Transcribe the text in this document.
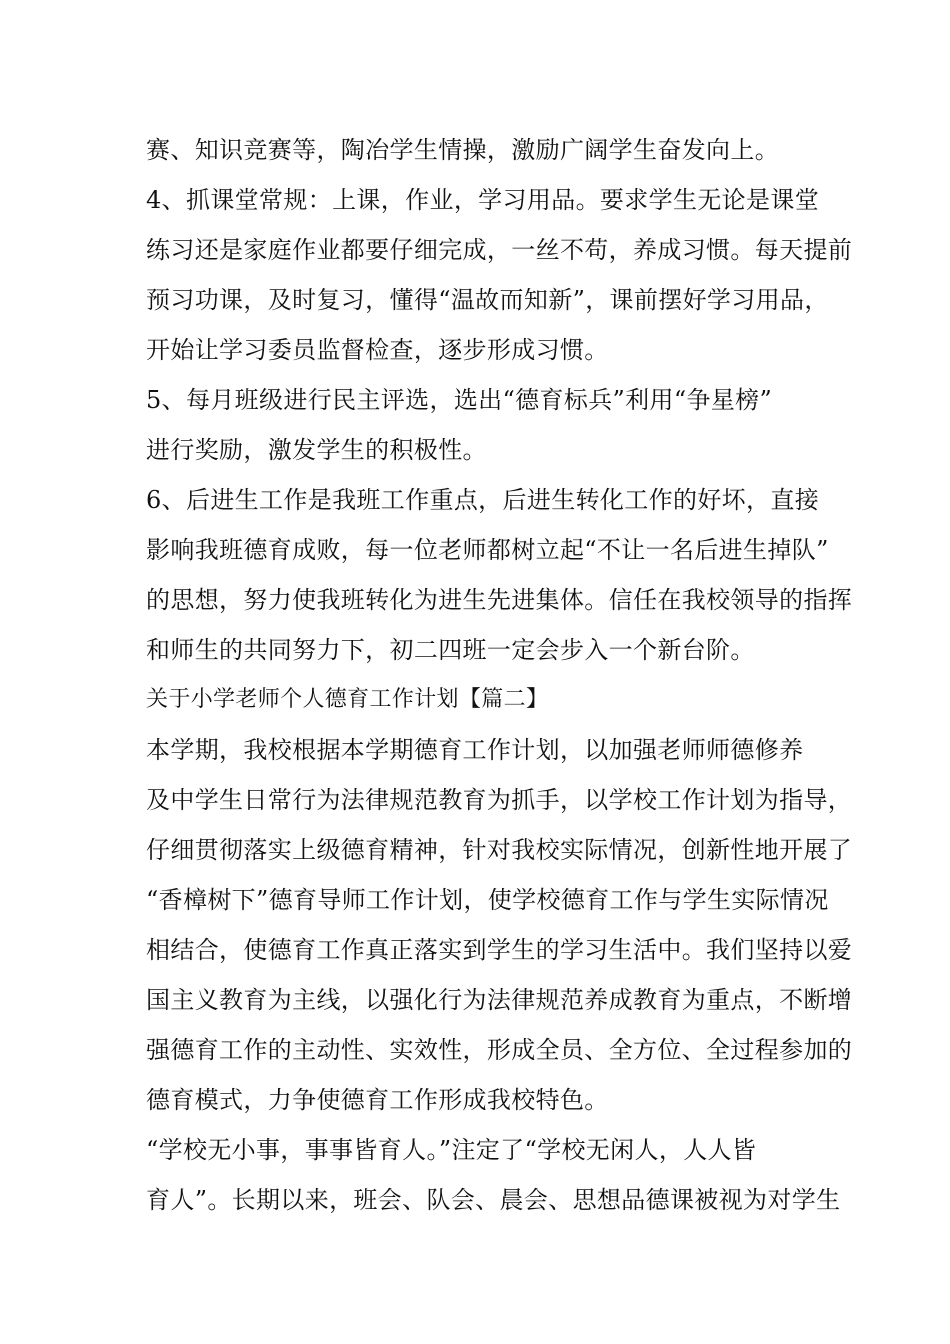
赛、知识竞赛等，陶冶学生情操，激励广阔学生奋发向上。
4、抓课堂常规：上课，作业，学习用品。要求学生无论是课堂
练习还是家庭作业都要仔细完成，一丝不苟，养成习惯。每天提前
预习功课，及时复习，懂得“温故而知新”，课前摆好学习用品，
开始让学习委员监督检查，逐步形成习惯。
5、每月班级进行民主评选，选出“德育标兵”利用“争星榜”
进行奖励，激发学生的积极性。
6、后进生工作是我班工作重点，后进生转化工作的好坏，直接
影响我班德育成败，每一位老师都树立起“不让一名后进生掉队”
的思想，努力使我班转化为进生先进集体。信任在我校领导的指挥
和师生的共同努力下，初二四班一定会步入一个新台阶。
关于小学老师个人德育工作计划【篇二】
本学期，我校根据本学期德育工作计划，以加强老师师德修养
及中学生日常行为法律规范教育为抓手，以学校工作计划为指导，
仔细贯彻落实上级德育精神，针对我校实际情况，创新性地开展了
“香樟树下”德育导师工作计划，使学校德育工作与学生实际情况
相结合，使德育工作真正落实到学生的学习生活中。我们坚持以爱
国主义教育为主线，以强化行为法律规范养成教育为重点，不断增
强德育工作的主动性、实效性，形成全员、全方位、全过程参加的
德育模式，力争使德育工作形成我校特色。
“学校无小事，事事皆育人。”注定了“学校无闲人，人人皆
育人”。长期以来，班会、队会、晨会、思想品德课被视为对学生
